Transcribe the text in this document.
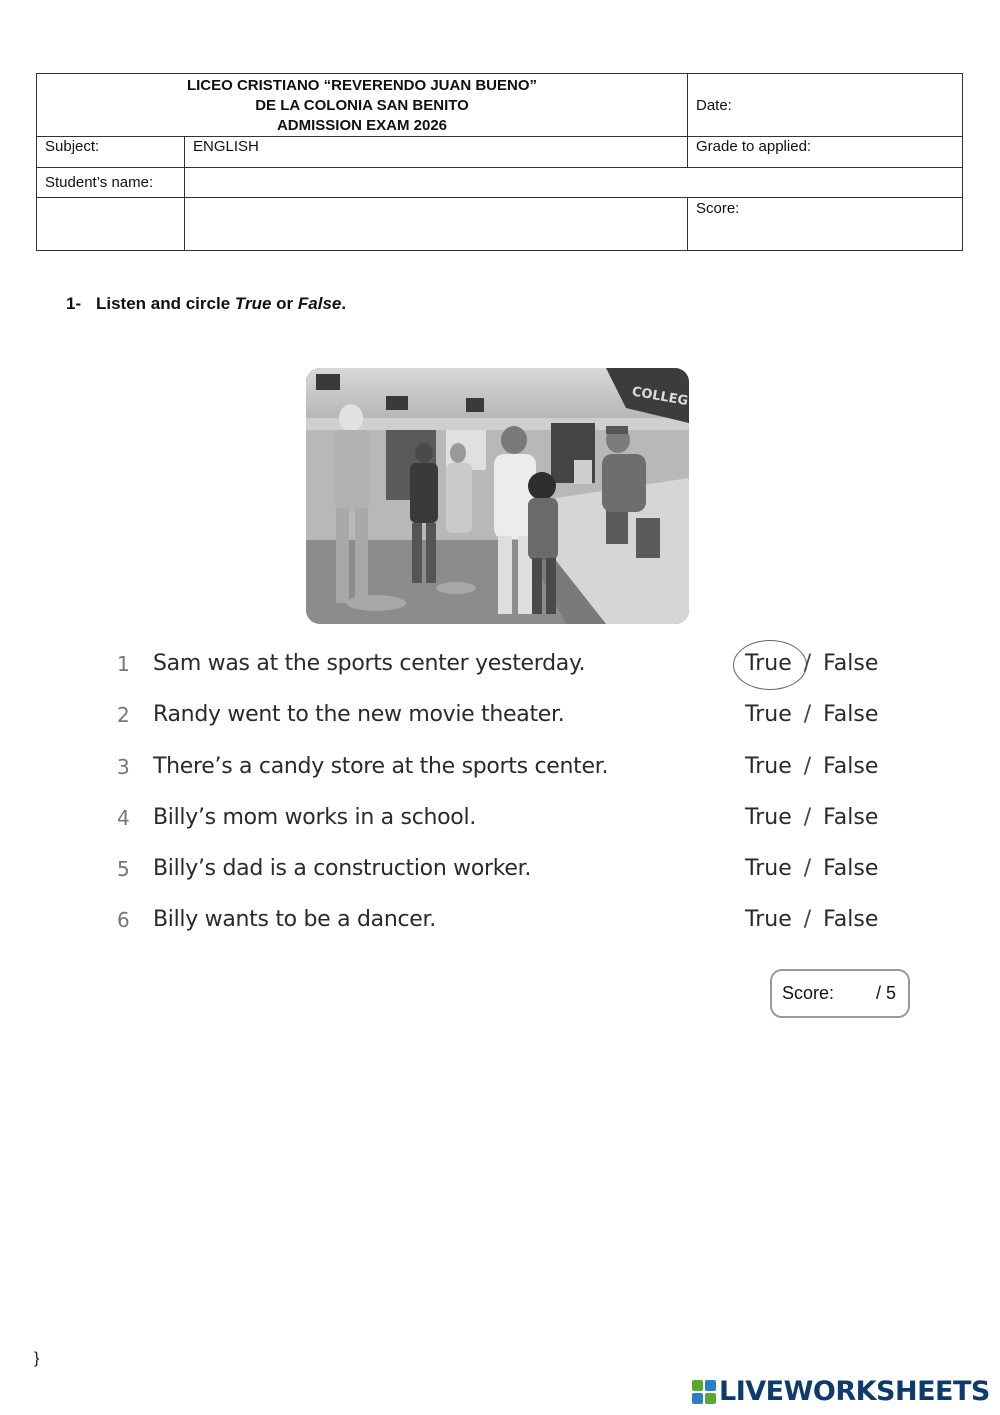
LICEO CRISTIANO “REVERENDO JUAN BUENO”
DE LA COLONIA SAN BENITO
ADMISSION EXAM 2026		Date:
Subject:	ENGLISH	Grade to applied:
Student’s name:		
		Score:
1- Listen and circle True or False.
COLLEG
1 Sam was at the sports center yesterday.	True / False
2 Randy went to the new movie theater.	True / False
3 There’s a candy store at the sports center.	True / False
4 Billy’s mom works in a school.	True / False
5 Billy’s dad is a construction worker.	True / False
6 Billy wants to be a dancer.	True / False
Score: / 5
}
LIVEWORKSHEETS
